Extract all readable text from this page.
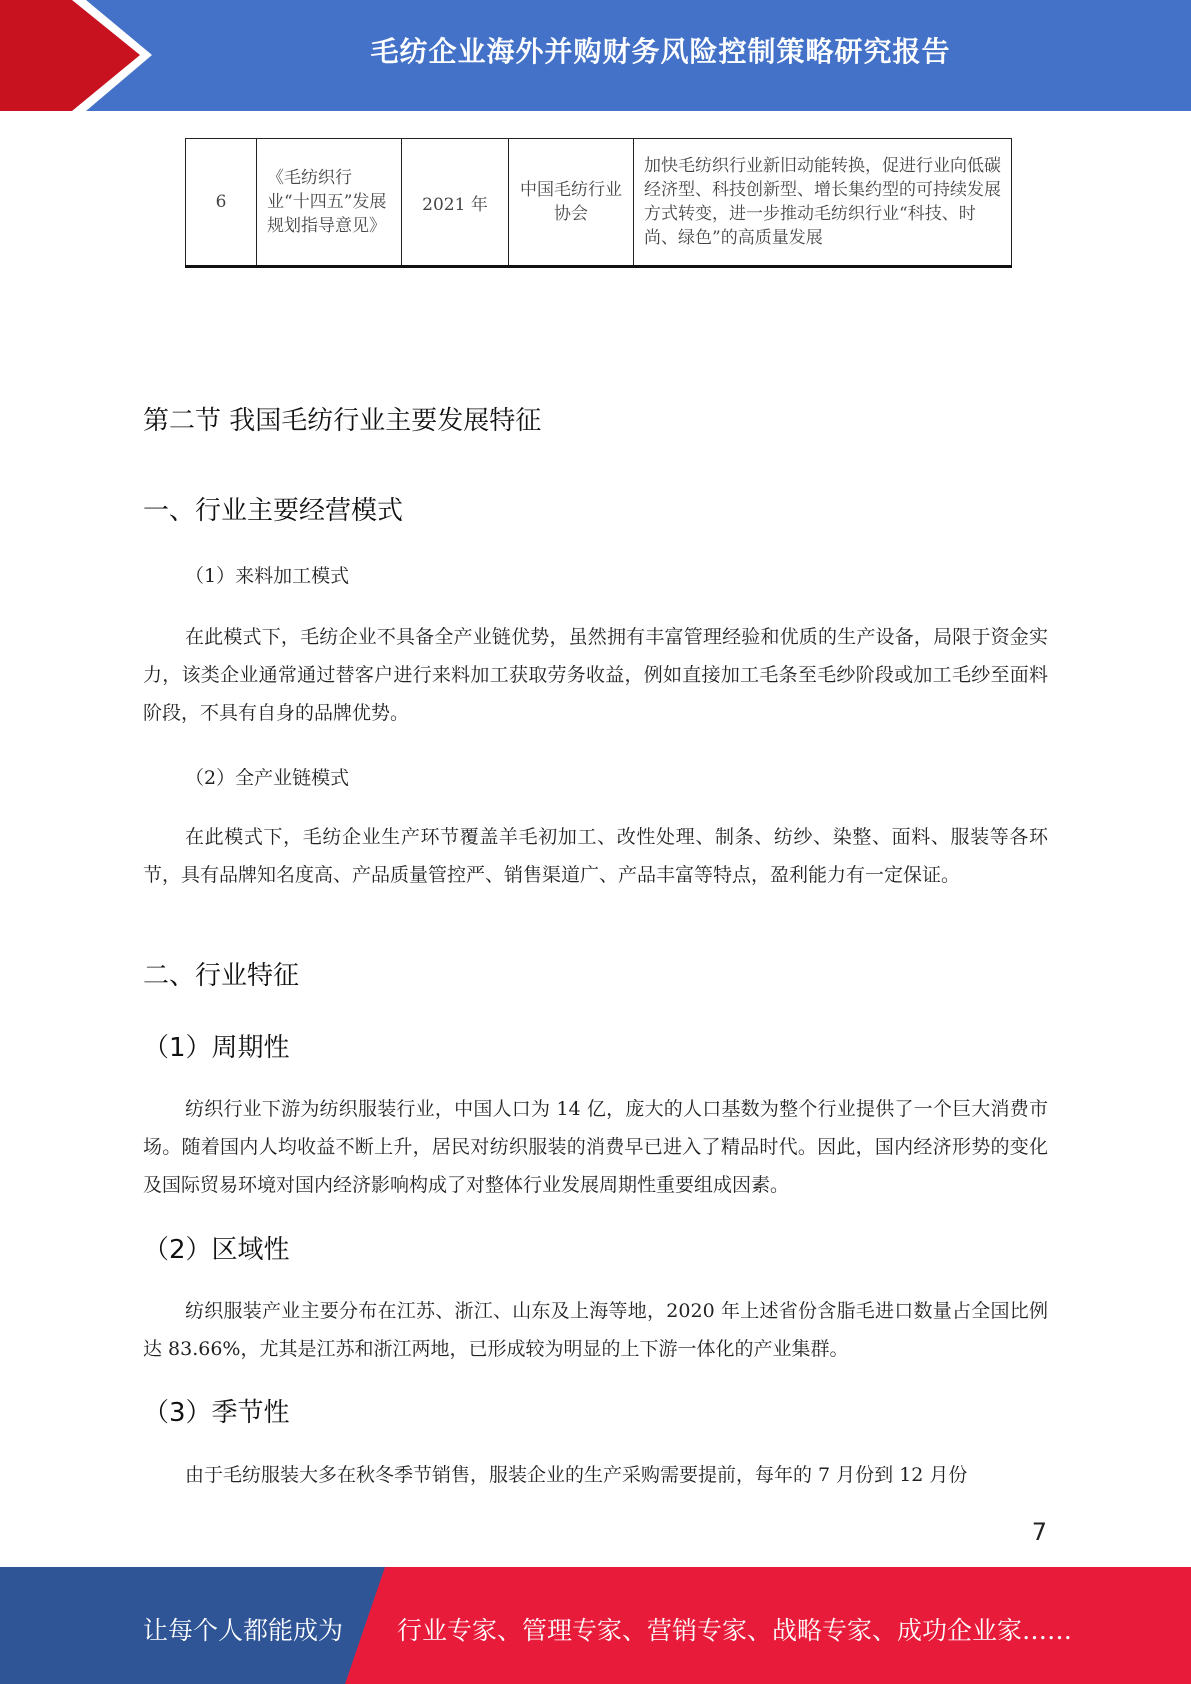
毛纺企业海外并购财务风险控制策略研究报告
6	《毛纺织行业“十四五”发展规划指导意见》	2021 年	中国毛纺行业协会	加快毛纺织行业新旧动能转换，促进行业向低碳经济型、科技创新型、增长集约型的可持续发展方式转变，进一步推动毛纺织行业“科技、时尚、绿色”的高质量发展
第二节 我国毛纺行业主要发展特征
一、行业主要经营模式
（1）来料加工模式
在此模式下，毛纺企业不具备全产业链优势，虽然拥有丰富管理经验和优质的生产设备，局限于资金实力，该类企业通常通过替客户进行来料加工获取劳务收益，例如直接加工毛条至毛纱阶段或加工毛纱至面料阶段，不具有自身的品牌优势。
（2）全产业链模式
在此模式下，毛纺企业生产环节覆盖羊毛初加工、改性处理、制条、纺纱、染整、面料、服装等各环节，具有品牌知名度高、产品质量管控严、销售渠道广、产品丰富等特点，盈利能力有一定保证。
二、行业特征
（1）周期性
纺织行业下游为纺织服装行业，中国人口为 14 亿，庞大的人口基数为整个行业提供了一个巨大消费市场。随着国内人均收益不断上升，居民对纺织服装的消费早已进入了精品时代。因此，国内经济形势的变化及国际贸易环境对国内经济影响构成了对整体行业发展周期性重要组成因素。
（2）区域性
纺织服装产业主要分布在江苏、浙江、山东及上海等地，2020 年上述省份含脂毛进口数量占全国比例达 83.66%，尤其是江苏和浙江两地，已形成较为明显的上下游一体化的产业集群。
（3）季节性
由于毛纺服装大多在秋冬季节销售，服装企业的生产采购需要提前，每年的 7 月份到 12 月份
7
让每个人都能成为 行业专家、管理专家、营销专家、战略专家、成功企业家……
